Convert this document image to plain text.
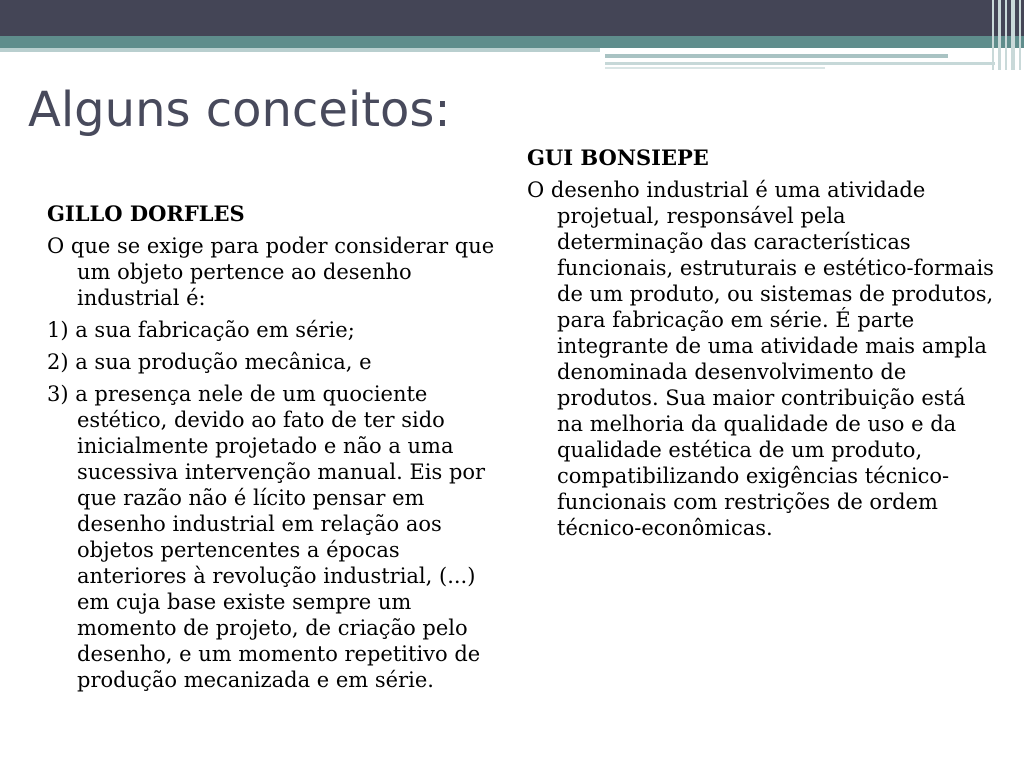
Alguns conceitos:

GILLO DORFLES

O que se exige para poder considerar que um objeto pertence ao desenho industrial é:

1) a sua fabricação em série;

2) a sua produção mecânica, e

3) a presença nele de um quociente estético, devido ao fato de ter sido inicialmente projetado e não a uma sucessiva intervenção manual. Eis por que razão não é lícito pensar em desenho industrial em relação aos objetos pertencentes a épocas anteriores à revolução industrial, (...) em cuja base existe sempre um momento de projeto, de criação pelo desenho, e um momento repetitivo de produção mecanizada e em série.

GUI BONSIEPE

O desenho industrial é uma atividade projetual, responsável pela determinação das características funcionais, estruturais e estético-formais de um produto, ou sistemas de produtos, para fabricação em série. É parte integrante de uma atividade mais ampla denominada desenvolvimento de produtos. Sua maior contribuição está na melhoria da qualidade de uso e da qualidade estética de um produto, compatibilizando exigências técnico-funcionais com restrições de ordem técnico-econômicas.
